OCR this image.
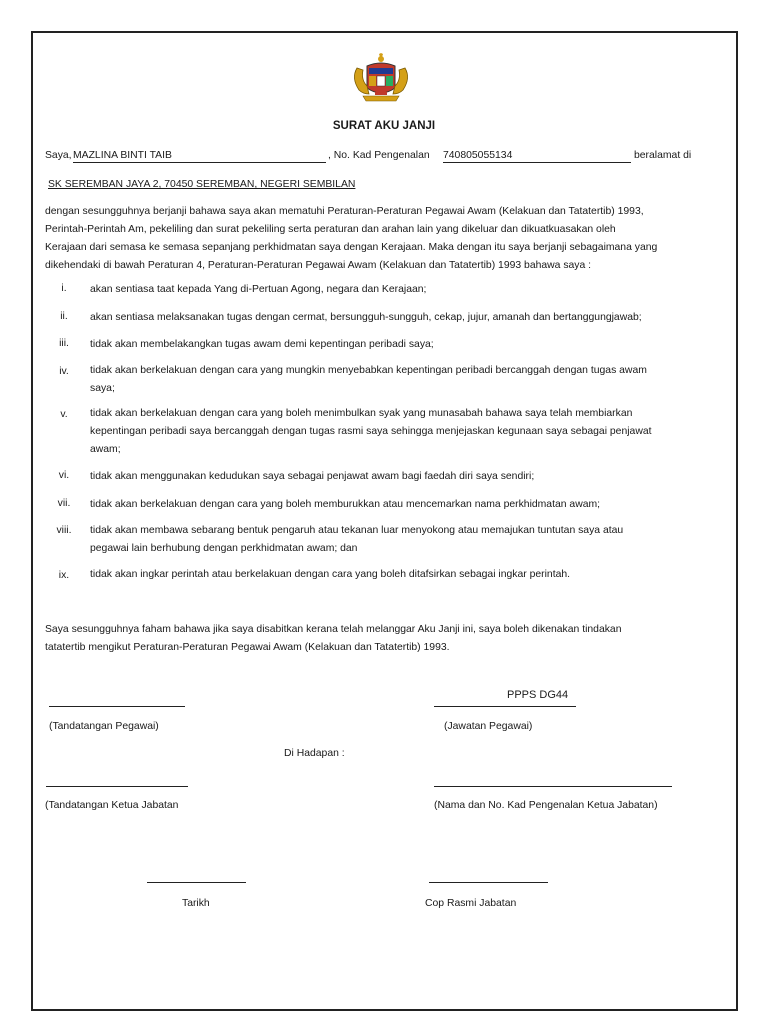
SURAT AKU JANJI
Saya, MAZLINA BINTI TAIB	, No. Kad Pengenalan 740805055134	beralamat di
SK SEREMBAN JAYA 2, 70450 SEREMBAN, NEGERI SEMBILAN
dengan sesungguhnya berjanji bahawa saya akan mematuhi Peraturan-Peraturan Pegawai Awam (Kelakuan dan Tatatertib) 1993,
Perintah-Perintah Am, pekeliling dan surat pekeliling serta peraturan dan arahan lain yang dikeluar dan dikuatkuasakan oleh
Kerajaan dari semasa ke semasa sepanjang perkhidmatan saya dengan Kerajaan. Maka dengan itu saya berjanji sebagaimana yang
dikehendaki di bawah Peraturan 4, Peraturan-Peraturan Pegawai Awam (Kelakuan dan Tatatertib) 1993 bahawa saya :
i.	akan sentiasa taat kepada Yang di-Pertuan Agong, negara dan Kerajaan;
ii.	akan sentiasa melaksanakan tugas dengan cermat, bersungguh-sungguh, cekap, jujur, amanah dan bertanggungjawab;
iii.	tidak akan membelakangkan tugas awam demi kepentingan peribadi saya;
iv.	tidak akan berkelakuan dengan cara yang mungkin menyebabkan kepentingan peribadi bercanggah dengan tugas awam
saya;
v.	tidak akan berkelakuan dengan cara yang boleh menimbulkan syak yang munasabah bahawa saya telah membiarkan
kepentingan peribadi saya bercanggah dengan tugas rasmi saya sehingga menjejaskan kegunaan saya sebagai penjawat
awam;
vi.	tidak akan menggunakan kedudukan saya sebagai penjawat awam bagi faedah diri saya sendiri;
vii.	tidak akan berkelakuan dengan cara yang boleh memburukkan atau mencemarkan nama perkhidmatan awam;
viii.	tidak akan membawa sebarang bentuk pengaruh atau tekanan luar menyokong atau memajukan tuntutan saya atau
pegawai lain berhubung dengan perkhidmatan awam; dan
ix.	tidak akan ingkar perintah atau berkelakuan dengan cara yang boleh ditafsirkan sebagai ingkar perintah.
Saya sesungguhnya faham bahawa jika saya disabitkan kerana telah melanggar Aku Janji ini, saya boleh dikenakan tindakan
tatatertib mengikut Peraturan-Peraturan Pegawai Awam (Kelakuan dan Tatatertib) 1993.
PPPS DG44
(Tandatangan Pegawai)	(Jawatan Pegawai)
Di Hadapan :
(Tandatangan Ketua Jabatan	(Nama dan No. Kad Pengenalan Ketua Jabatan)
Tarikh	Cop Rasmi Jabatan
